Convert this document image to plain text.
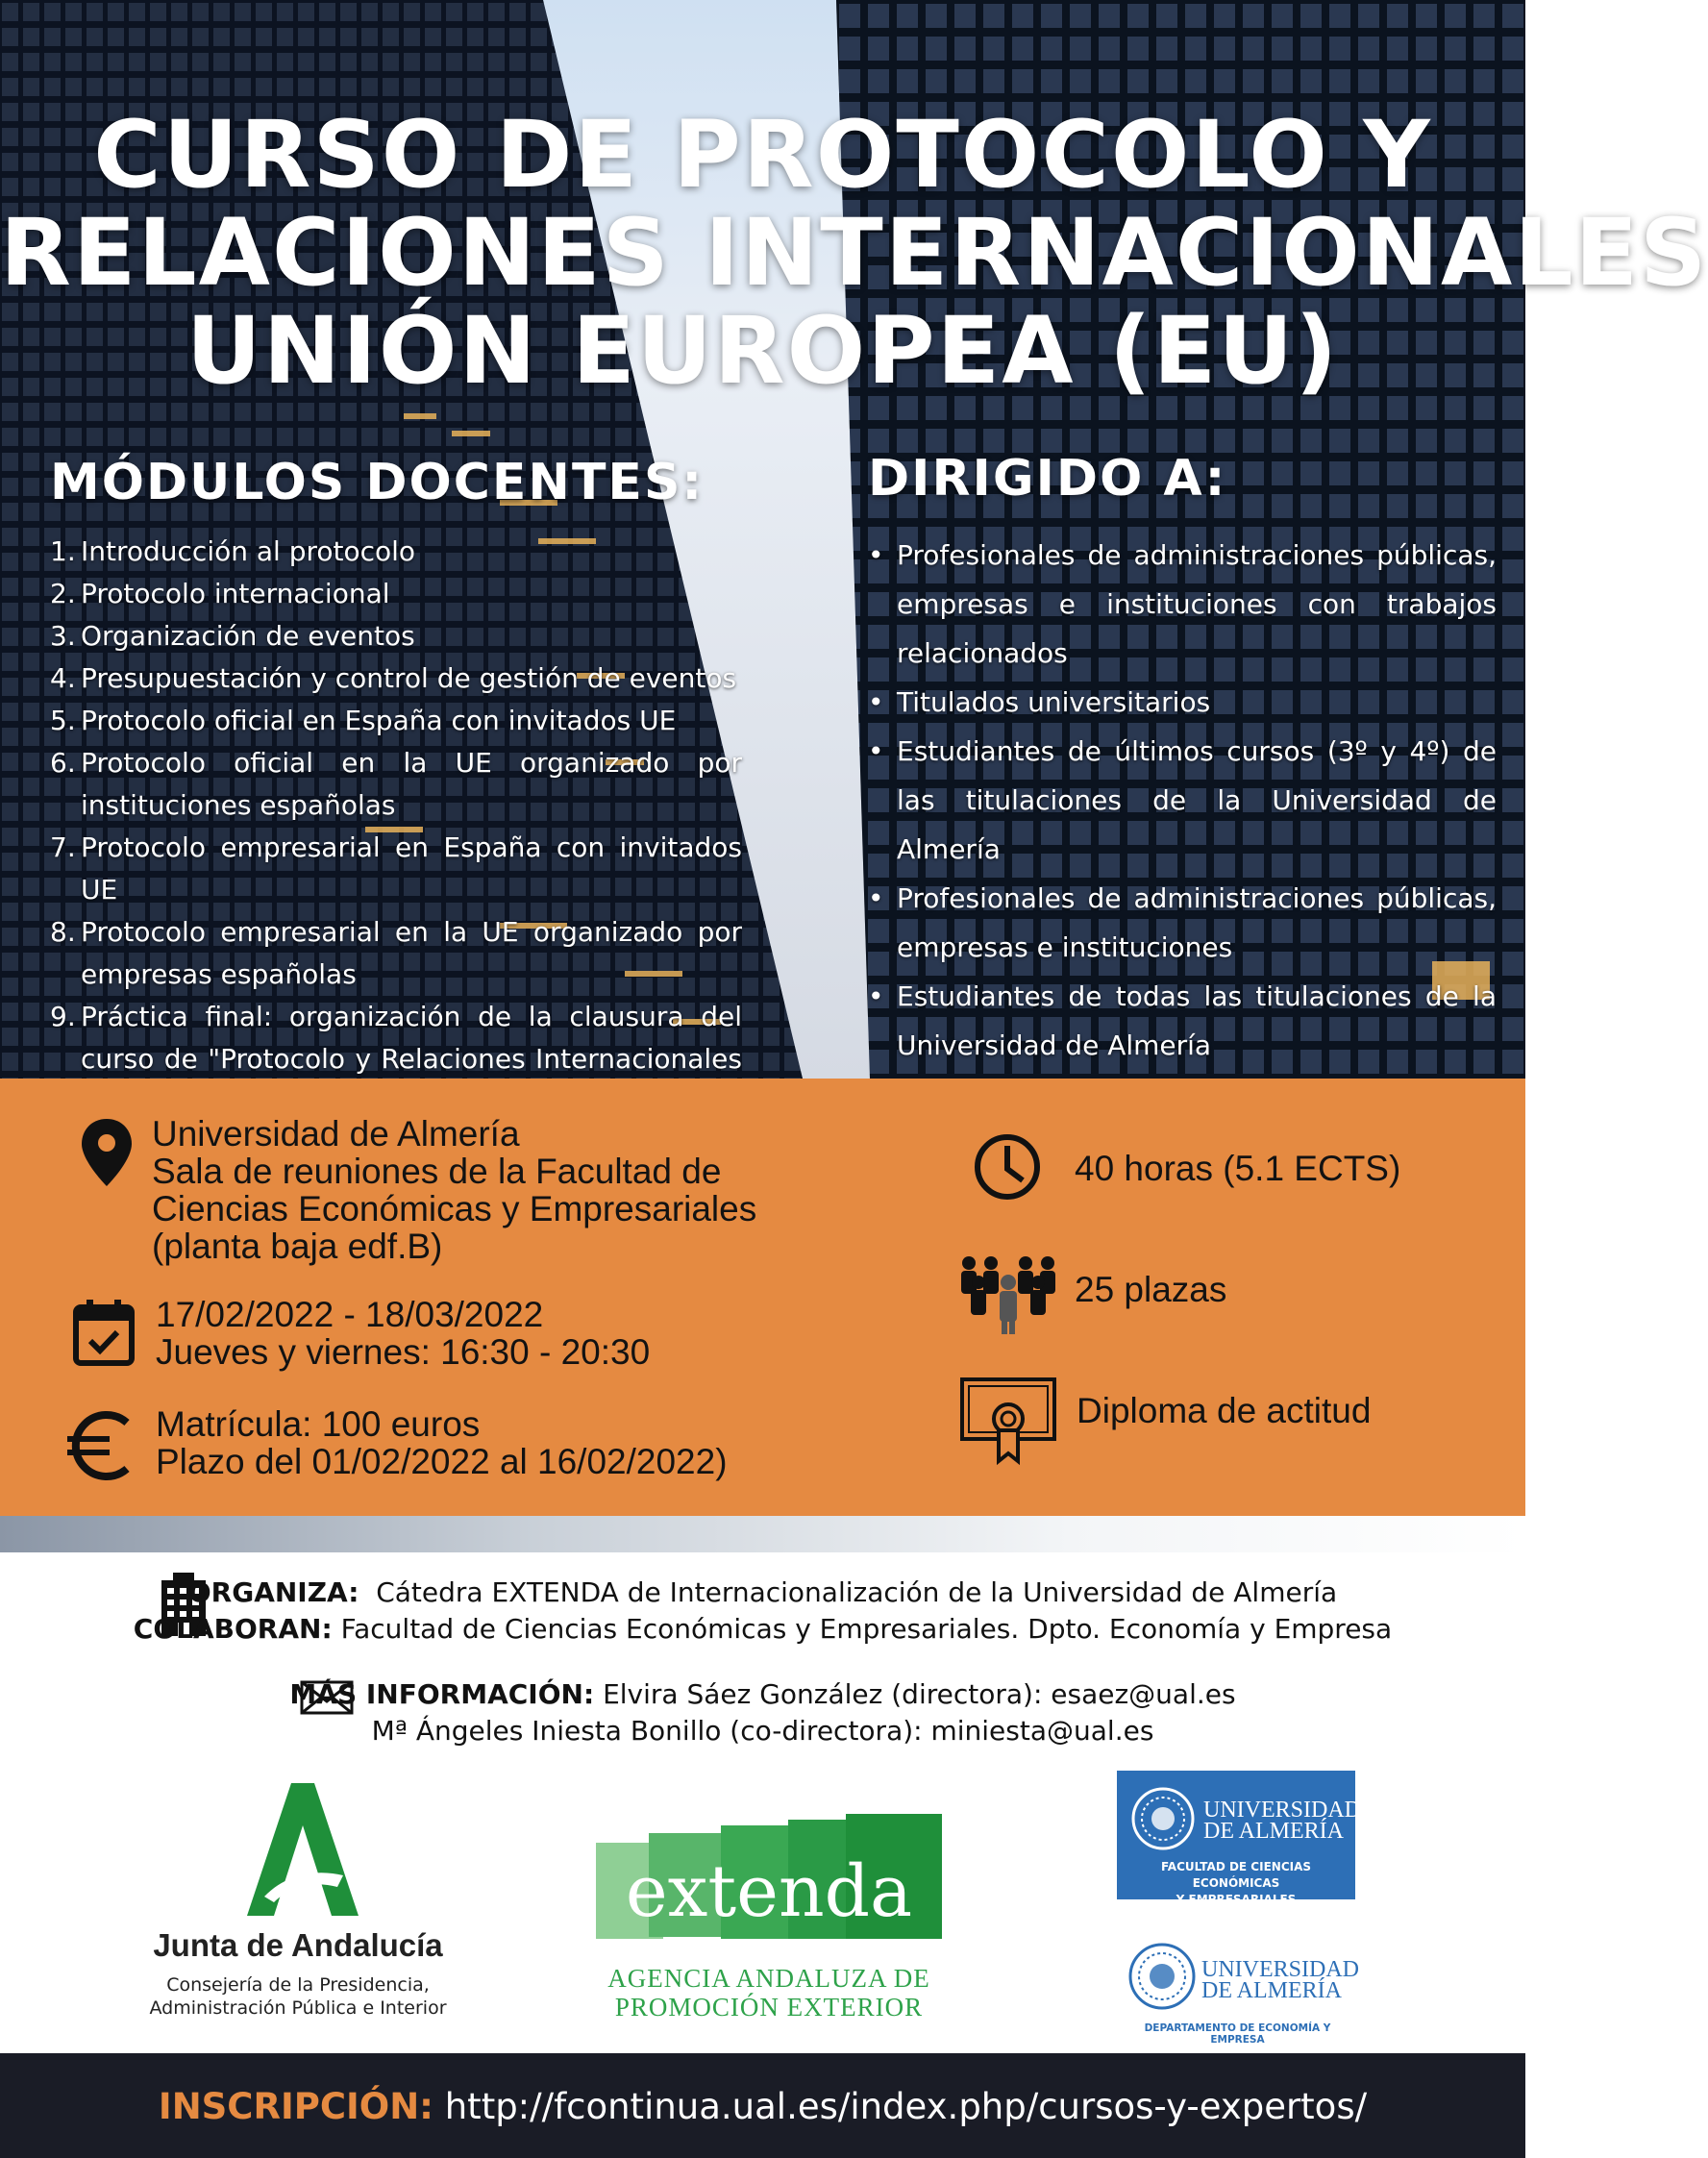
CURSO DE PROTOCOLO Y
RELACIONES INTERNACIONALES
UNIÓN EUROPEA (EU)
MÓDULOS DOCENTES:	DIRIGIDO A:
1. Introducción al protocolo
2. Protocolo internacional
3. Organización de eventos
4. Presupuestación y control de gestión de eventos
5. Protocolo oficial en España con invitados UE
6. Protocolo oficial en la UE organizado por instituciones españolas
7. Protocolo empresarial en España con invitados UE
8. Protocolo empresarial en la UE organizado por empresas españolas
9. Práctica final: organización de la clausura del curso de "Protocolo y Relaciones Internacionales
• Profesionales de administraciones públicas, empresas e instituciones con trabajos relacionados
• Titulados universitarios
• Estudiantes de últimos cursos (3º y 4º) de las titulaciones de la Universidad de Almería
• Profesionales de administraciones públicas, empresas e instituciones
• Estudiantes de todas las titulaciones de la Universidad de Almería
Universidad de Almería
Sala de reuniones de la Facultad de
Ciencias Económicas y Empresariales
(planta baja edf.B)
17/02/2022 - 18/03/2022
Jueves y viernes: 16:30 - 20:30
Matrícula: 100 euros
Plazo del 01/02/2022 al 16/02/2022)
40 horas (5.1 ECTS)
25 plazas
Diploma de actitud
ORGANIZA: Cátedra EXTENDA de Internacionalización de la Universidad de Almería
COLABORAN: Facultad de Ciencias Económicas y Empresariales. Dpto. Economía y Empresa
MÁS INFORMACIÓN: Elvira Sáez González (directora): esaez@ual.es
Mª Ángeles Iniesta Bonillo (co-directora): miniesta@ual.es
Junta de Andalucía
Consejería de la Presidencia,
Administración Pública e Interior
extenda
AGENCIA ANDALUZA DE
PROMOCIÓN EXTERIOR
UNIVERSIDAD
DE ALMERÍA
FACULTAD DE CIENCIAS ECONÓMICAS
Y EMPRESARIALES
UNIVERSIDAD
DE ALMERÍA
DEPARTAMENTO DE ECONOMÍA Y EMPRESA
INSCRIPCIÓN: http://fcontinua.ual.es/index.php/cursos-y-expertos/
